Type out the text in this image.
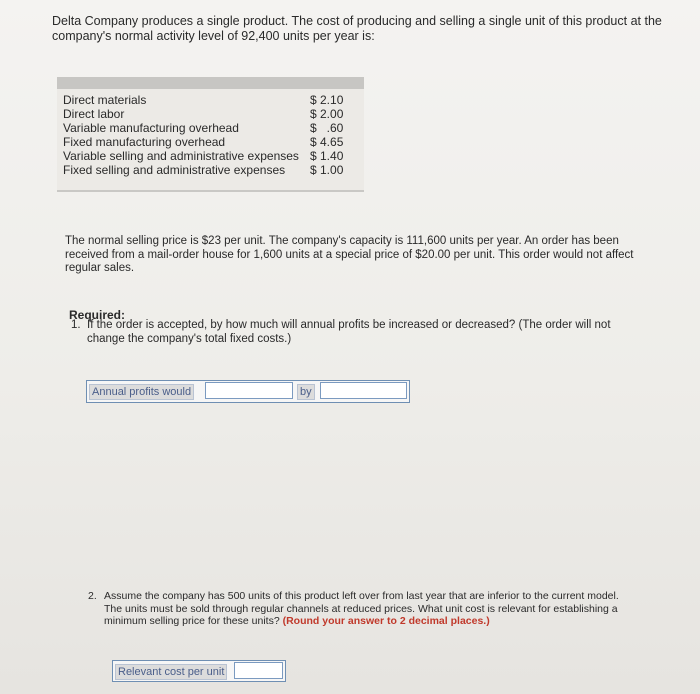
Delta Company produces a single product. The cost of producing and selling a single unit of this product at the company's normal activity level of 92,400 units per year is:
Direct materials	$ 2.10
Direct labor	$ 2.00
Variable manufacturing overhead	$   .60
Fixed manufacturing overhead	$ 4.65
Variable selling and administrative expenses $ 1.40
Fixed selling and administrative expenses $ 1.00
The normal selling price is $23 per unit. The company's capacity is 111,600 units per year. An order has been received from a mail-order house for 1,600 units at a special price of $20.00 per unit. This order would not affect regular sales.
Required:
1. If the order is accepted, by how much will annual profits be increased or decreased? (The order will not change the company's total fixed costs.)
Annual profits would	by
2. Assume the company has 500 units of this product left over from last year that are inferior to the current model. The units must be sold through regular channels at reduced prices. What unit cost is relevant for establishing a minimum selling price for these units? (Round your answer to 2 decimal places.)
Relevant cost per unit
